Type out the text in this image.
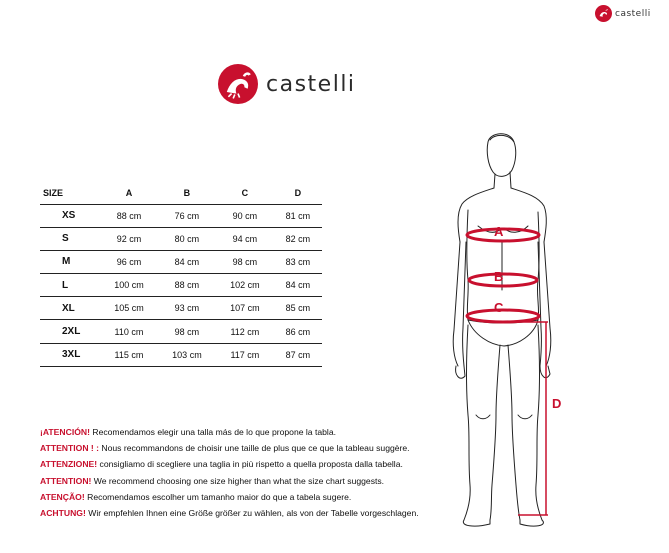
castelli
castelli
SIZE	A	B	C	D
XS	88 cm	76 cm	90 cm	81 cm
S	92 cm	80 cm	94 cm	82 cm
M	96 cm	84 cm	98 cm	83 cm
L	100 cm	88 cm	102 cm	84 cm
XL	105 cm	93 cm	107 cm	85 cm
2XL	110 cm	98 cm	112 cm	86 cm
3XL	115 cm	103 cm	117 cm	87 cm
¡ATENCIÓN! Recomendamos elegir una talla más de lo que propone la tabla.
ATTENTION ! : Nous recommandons de choisir une taille de plus que ce que la tableau suggère.
ATTENZIONE! consigliamo di scegliere una taglia in più rispetto a quella proposta dalla tabella.
ATTENTION! We recommend choosing one size higher than what the size chart suggests.
ATENÇÃO! Recomendamos escolher um tamanho maior do que a tabela sugere.
ACHTUNG! Wir empfehlen Ihnen eine Größe größer zu wählen, als von der Tabelle vorgeschlagen.
A
B
C
D
